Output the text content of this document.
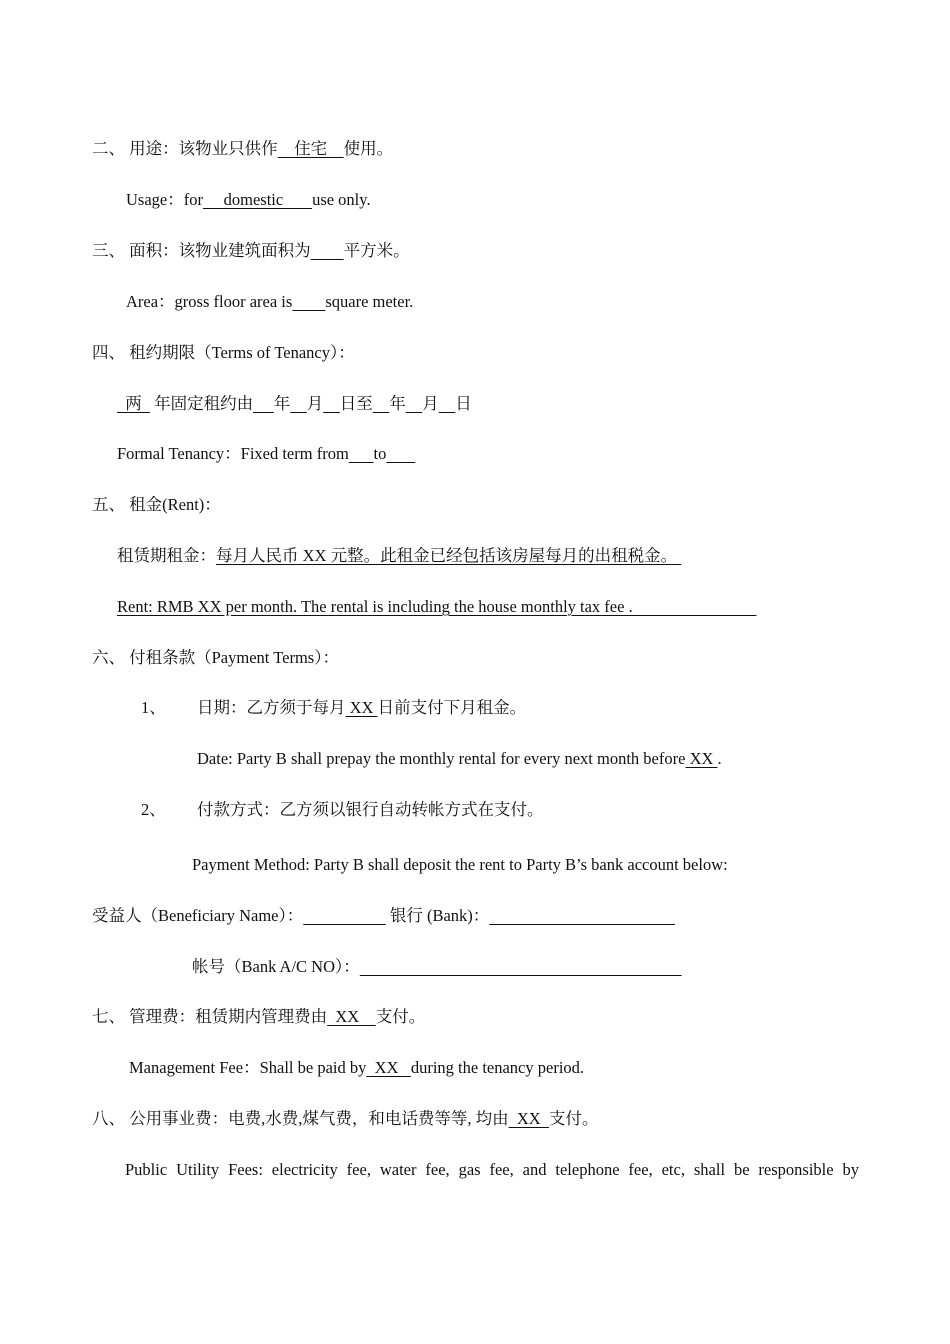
二、 用途：该物业只供作    住宅    使用。
Usage：for     domestic       use only.
三、 面积：该物业建筑面积为 平方米。
Area：gross floor area is square meter.
四、 租约期限（Terms of Tenancy）：
两   年固定租约由 年 月 日至 年 月 日
Formal Tenancy：Fixed term from to
五、 租金(Rent)：
租赁期租金：每月人民币 XX 元整。此租金已经包括该房屋每月的出租税金。
Rent: RMB XX per month. The rental is including the house monthly tax fee .
六、 付租条款（Payment Terms）：
1、 日期：乙方须于每月 XX 日前支付下月租金。
Date: Party B shall prepay the monthly rental for every next month before XX .
2、 付款方式：乙方须以银行自动转帐方式在支付。
Payment Method: Party B shall deposit the rent to Party B’s bank account below:
受益人（Beneficiary Name）：	银行 (Bank)：
帐号（Bank A/C NO）：
七、 管理费：租赁期内管理费由  XX    支付。
Management Fee：Shall be paid by  XX   during the tenancy period.
八、 公用事业费：电费,水费,煤气费，和电话费等等, 均由  XX  支付。
Public Utility Fees: electricity fee, water fee, gas fee, and telephone fee, etc, shall be responsible by
